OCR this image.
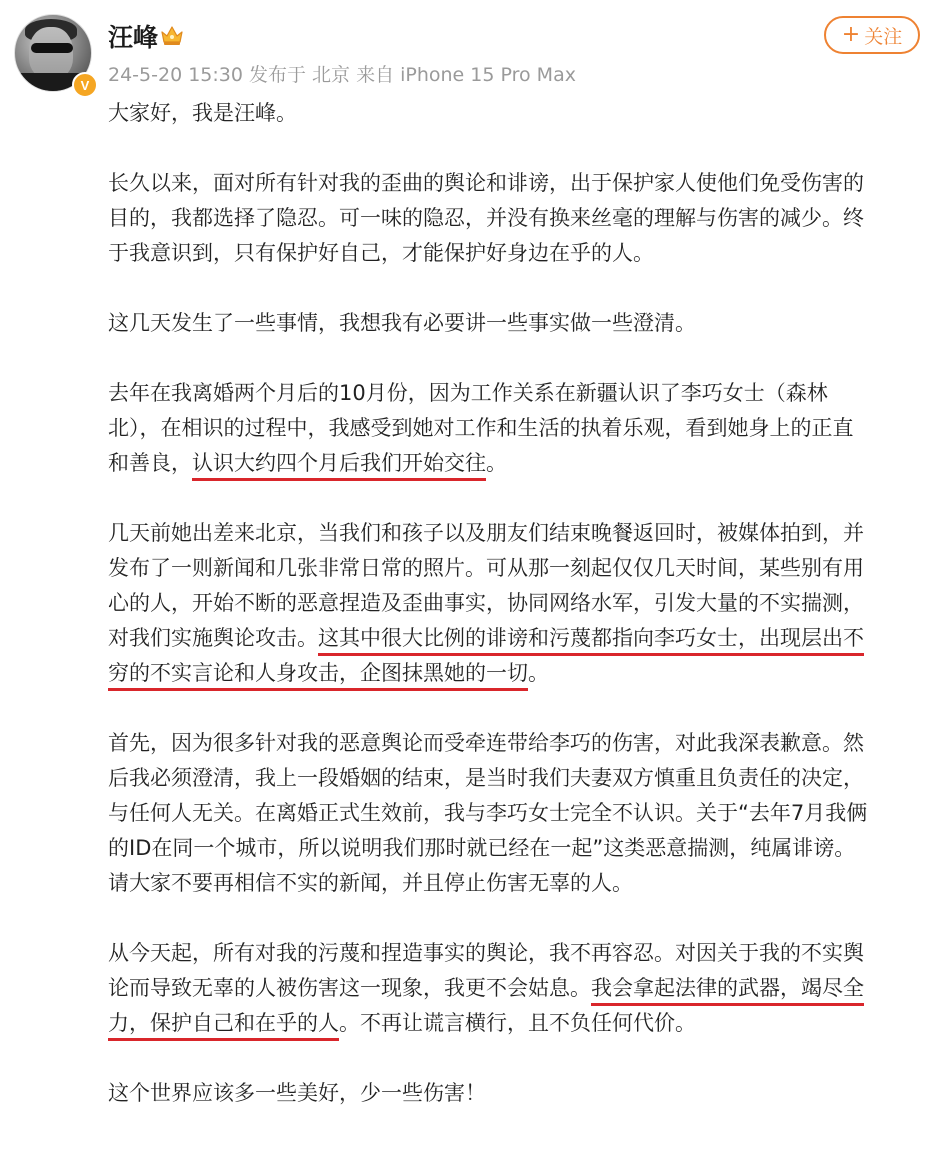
V
汪峰
24-5-20 15:30 发布于 北京 来自 iPhone 15 Pro Max
+ 关注
大家好，我是汪峰。
长久以来，面对所有针对我的歪曲的舆论和诽谤，出于保护家人使他们免受伤害的
目的，我都选择了隐忍。可一味的隐忍，并没有换来丝毫的理解与伤害的减少。终
于我意识到，只有保护好自己，才能保护好身边在乎的人。
这几天发生了一些事情，我想我有必要讲一些事实做一些澄清。
去年在我离婚两个月后的10月份，因为工作关系在新疆认识了李巧女士（森林
北），在相识的过程中，我感受到她对工作和生活的执着乐观，看到她身上的正直
和善良，认识大约四个月后我们开始交往。
几天前她出差来北京，当我们和孩子以及朋友们结束晚餐返回时，被媒体拍到，并
发布了一则新闻和几张非常日常的照片。可从那一刻起仅仅几天时间，某些别有用
心的人，开始不断的恶意捏造及歪曲事实，协同网络水军，引发大量的不实揣测，
对我们实施舆论攻击。这其中很大比例的诽谤和污蔑都指向李巧女士，出现层出不
穷的不实言论和人身攻击，企图抹黑她的一切。
首先，因为很多针对我的恶意舆论而受牵连带给李巧的伤害，对此我深表歉意。然
后我必须澄清，我上一段婚姻的结束，是当时我们夫妻双方慎重且负责任的决定，
与任何人无关。在离婚正式生效前，我与李巧女士完全不认识。关于“去年7月我俩
的ID在同一个城市，所以说明我们那时就已经在一起”这类恶意揣测，纯属诽谤。
请大家不要再相信不实的新闻，并且停止伤害无辜的人。
从今天起，所有对我的污蔑和捏造事实的舆论，我不再容忍。对因关于我的不实舆
论而导致无辜的人被伤害这一现象，我更不会姑息。我会拿起法律的武器，竭尽全
力，保护自己和在乎的人。不再让谎言横行，且不负任何代价。
这个世界应该多一些美好，少一些伤害！
